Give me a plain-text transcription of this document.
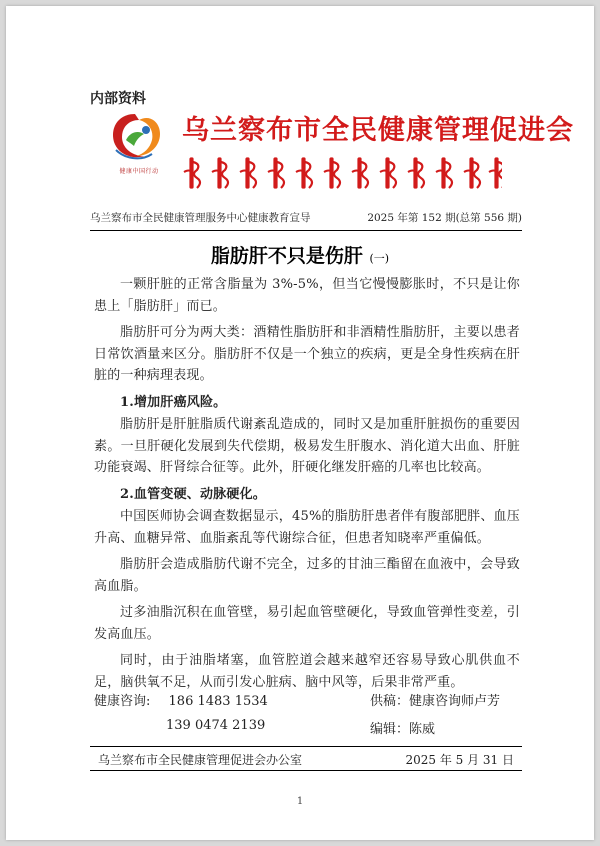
内部资料
健康中国行动
乌兰察布市全民健康管理促进会
乌兰察布市全民健康管理服务中心健康教育宣导	2025 年第 152 期(总第 556 期)
脂肪肝不只是伤肝 (一)

一颗肝脏的正常含脂量为 3%-5%，但当它慢慢膨胀时，不只是让你患上「脂肪肝」而已。

脂肪肝可分为两大类：酒精性脂肪肝和非酒精性脂肪肝，主要以患者日常饮酒量来区分。脂肪肝不仅是一个独立的疾病，更是全身性疾病在肝脏的一种病理表现。

1.增加肝癌风险。

脂肪肝是肝脏脂质代谢紊乱造成的，同时又是加重肝脏损伤的重要因素。一旦肝硬化发展到失代偿期，极易发生肝腹水、消化道大出血、肝脏功能衰竭、肝肾综合征等。此外，肝硬化继发肝癌的几率也比较高。

2.血管变硬、动脉硬化。

中国医师协会调查数据显示，45%的脂肪肝患者伴有腹部肥胖、血压升高、血糖异常、血脂紊乱等代谢综合征，但患者知晓率严重偏低。

脂肪肝会造成脂肪代谢不完全，过多的甘油三酯留在血液中，会导致高血脂。

过多油脂沉积在血管壁，易引起血管壁硬化，导致血管弹性变差，引发高血压。

同时，由于油脂堵塞，血管腔道会越来越窄还容易导致心肌供血不足，脑供氧不足，从而引发心脏病、脑中风等，后果非常严重。

健康咨询: 186 1483 1534	供稿：健康咨询师卢芳
139 0474 2139	编辑：陈威
乌兰察布市全民健康管理促进会办公室	2025 年 5 月 31 日
1
